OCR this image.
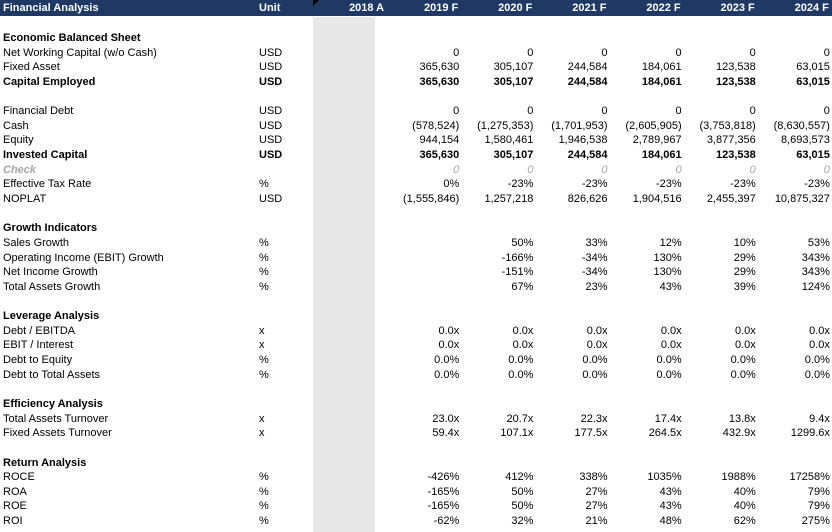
Financial Analysis	Unit	2018 A	2019 F	2020 F	2021 F	2022 F	2023 F	2024 F

Economic Balanced Sheet								
Net Working Capital (w/o Cash)	USD		0	0	0	0	0	0
Fixed Asset	USD		365,630	305,107	244,584	184,061	123,538	63,015
Capital Employed	USD		365,630	305,107	244,584	184,061	123,538	63,015

Financial Debt	USD		0	0	0	0	0	0
Cash	USD		(578,524)	(1,275,353)	(1,701,953)	(2,605,905)	(3,753,818)	(8,630,557)
Equity	USD		944,154	1,580,461	1,946,538	2,789,967	3,877,356	8,693,573
Invested Capital	USD		365,630	305,107	244,584	184,061	123,538	63,015
Check			0	0	0	0	0	0
Effective Tax Rate	%		0%	-23%	-23%	-23%	-23%	-23%
NOPLAT	USD		(1,555,846)	1,257,218	826,626	1,904,516	2,455,397	10,875,327

Growth Indicators								
Sales Growth	%			50%	33%	12%	10%	53%
Operating Income (EBIT) Growth	%			-166%	-34%	130%	29%	343%
Net Income Growth	%			-151%	-34%	130%	29%	343%
Total Assets Growth	%			67%	23%	43%	39%	124%

Leverage Analysis								
Debt / EBITDA	x		0.0x	0.0x	0.0x	0.0x	0.0x	0.0x
EBIT / Interest	x		0.0x	0.0x	0.0x	0.0x	0.0x	0.0x
Debt to Equity	%		0.0%	0.0%	0.0%	0.0%	0.0%	0.0%
Debt to Total Assets	%		0.0%	0.0%	0.0%	0.0%	0.0%	0.0%

Efficiency Analysis								
Total Assets Turnover	x		23.0x	20.7x	22.3x	17.4x	13.8x	9.4x
Fixed Assets Turnover	x		59.4x	107.1x	177.5x	264.5x	432.9x	1299.6x

Return Analysis								
ROCE	%		-426%	412%	338%	1035%	1988%	17258%
ROA	%		-165%	50%	27%	43%	40%	79%
ROE	%		-165%	50%	27%	43%	40%	79%
ROI	%		-62%	32%	21%	48%	62%	275%
